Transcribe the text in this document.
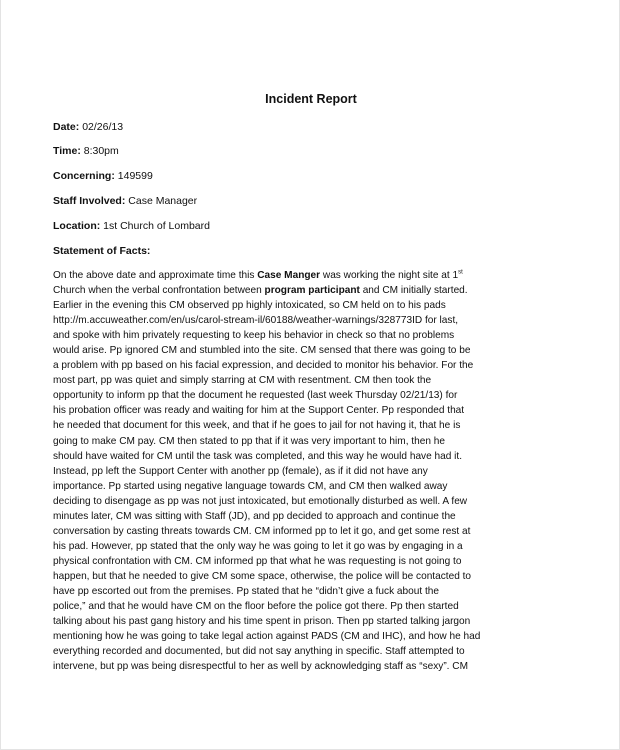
Incident Report
Date: 02/26/13
Time: 8:30pm
Concerning: 149599
Staff Involved: Case Manager
Location: 1st Church of Lombard
Statement of Facts:
On the above date and approximate time this Case Manger was working the night site at 1st
Church when the verbal confrontation between program participant and CM initially started.
Earlier in the evening this CM observed pp highly intoxicated, so CM held on to his pads
http://m.accuweather.com/en/us/carol-stream-il/60188/weather-warnings/328773ID for last,
and spoke with him privately requesting to keep his behavior in check so that no problems
would arise. Pp ignored CM and stumbled into the site. CM sensed that there was going to be
a problem with pp based on his facial expression, and decided to monitor his behavior. For the
most part, pp was quiet and simply starring at CM with resentment. CM then took the
opportunity to inform pp that the document he requested (last week Thursday 02/21/13) for
his probation officer was ready and waiting for him at the Support Center. Pp responded that
he needed that document for this week, and that if he goes to jail for not having it, that he is
going to make CM pay. CM then stated to pp that if it was very important to him, then he
should have waited for CM until the task was completed, and this way he would have had it.
Instead, pp left the Support Center with another pp (female), as if it did not have any
importance. Pp started using negative language towards CM, and CM then walked away
deciding to disengage as pp was not just intoxicated, but emotionally disturbed as well. A few
minutes later, CM was sitting with Staff (JD), and pp decided to approach and continue the
conversation by casting threats towards CM. CM informed pp to let it go, and get some rest at
his pad. However, pp stated that the only way he was going to let it go was by engaging in a
physical confrontation with CM. CM informed pp that what he was requesting is not going to
happen, but that he needed to give CM some space, otherwise, the police will be contacted to
have pp escorted out from the premises. Pp stated that he “didn’t give a fuck about the
police,” and that he would have CM on the floor before the police got there. Pp then started
talking about his past gang history and his time spent in prison. Then pp started talking jargon
mentioning how he was going to take legal action against PADS (CM and IHC), and how he had
everything recorded and documented, but did not say anything in specific. Staff attempted to
intervene, but pp was being disrespectful to her as well by acknowledging staff as “sexy”. CM
